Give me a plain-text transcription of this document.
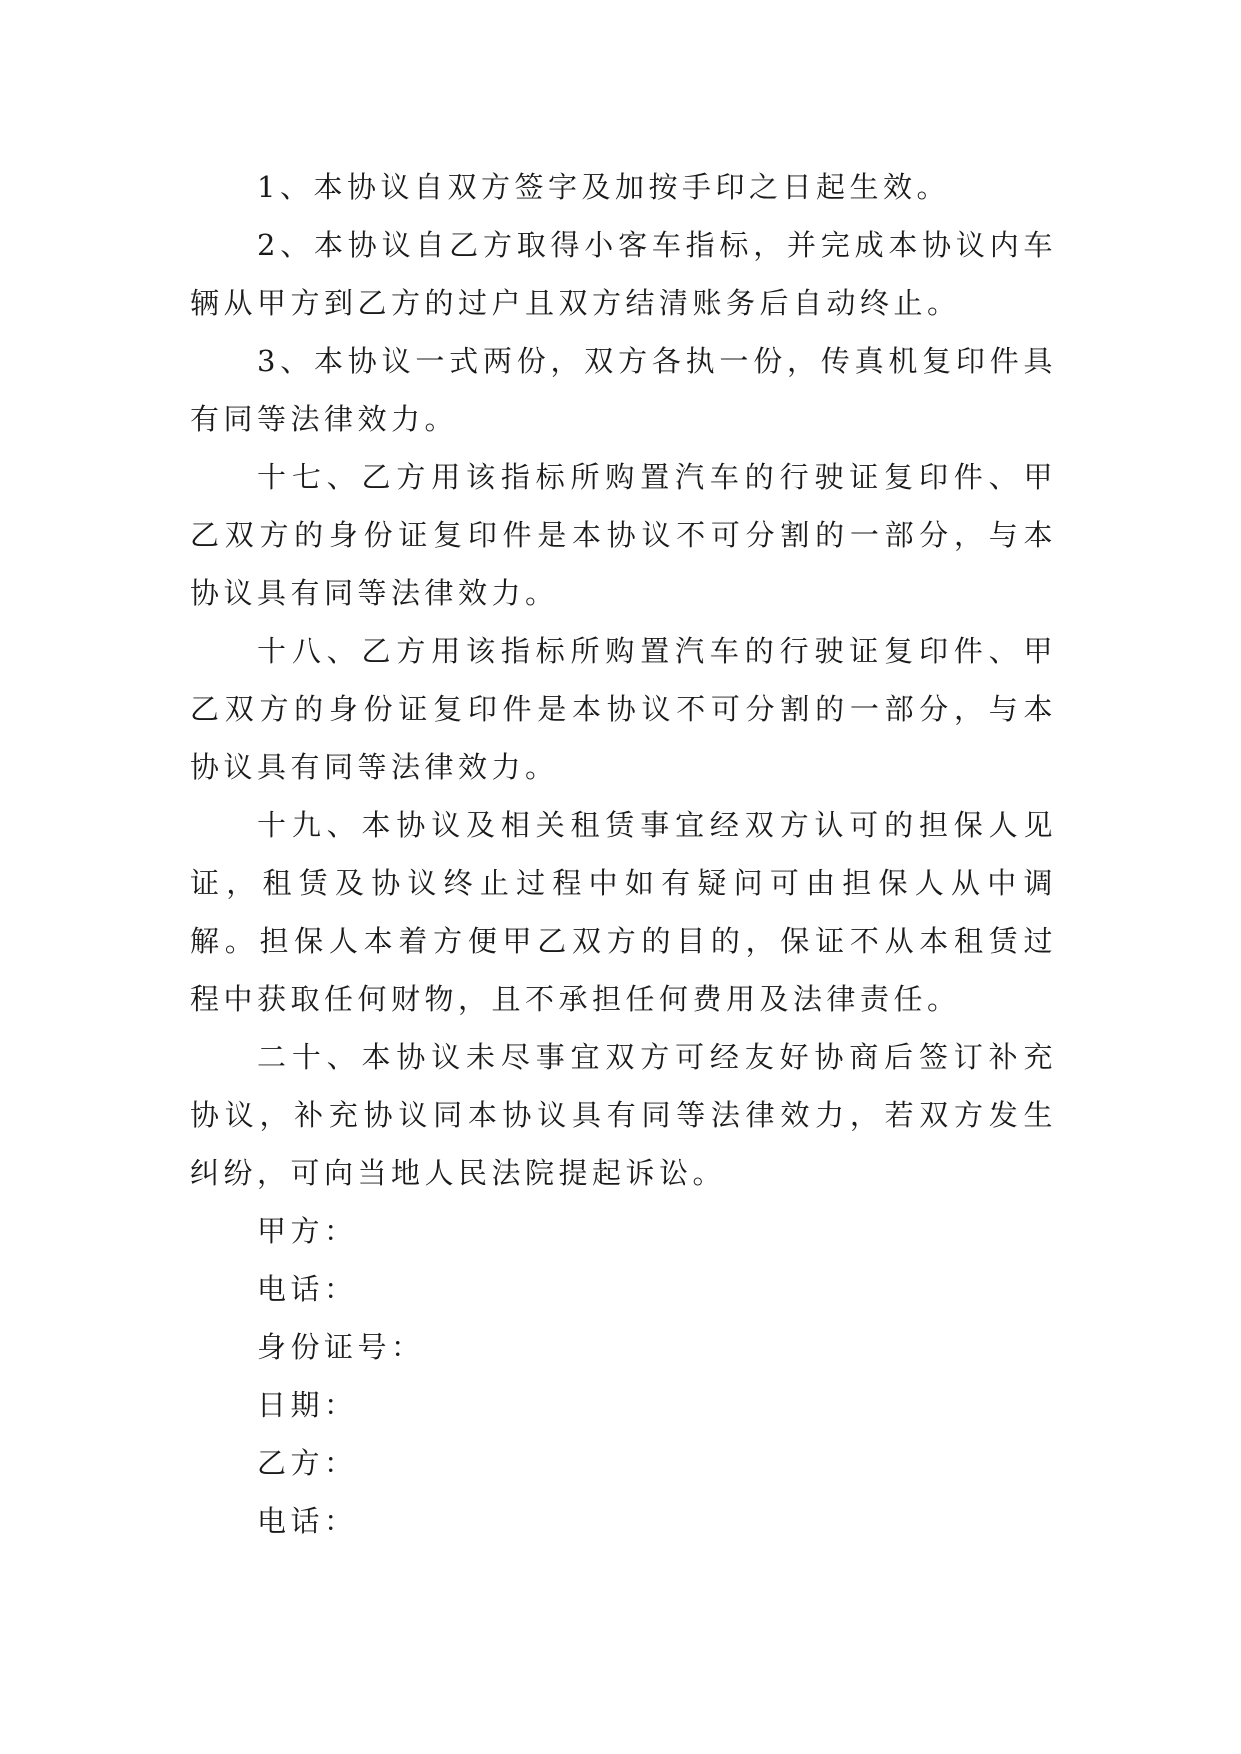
1、本协议自双方签字及加按手印之日起生效。

2、本协议自乙方取得小客车指标，并完成本协议内车辆从甲方到乙方的过户且双方结清账务后自动终止。

3、本协议一式两份，双方各执一份，传真机复印件具有同等法律效力。

十七、乙方用该指标所购置汽车的行驶证复印件、甲乙双方的身份证复印件是本协议不可分割的一部分，与本协议具有同等法律效力。

十八、乙方用该指标所购置汽车的行驶证复印件、甲乙双方的身份证复印件是本协议不可分割的一部分，与本协议具有同等法律效力。

十九、本协议及相关租赁事宜经双方认可的担保人见证，租赁及协议终止过程中如有疑问可由担保人从中调解。担保人本着方便甲乙双方的目的，保证不从本租赁过程中获取任何财物，且不承担任何费用及法律责任。

二十、本协议未尽事宜双方可经友好协商后签订补充协议，补充协议同本协议具有同等法律效力，若双方发生纠纷，可向当地人民法院提起诉讼。

甲方：

电话：

身份证号：

日期：

乙方：

电话：
